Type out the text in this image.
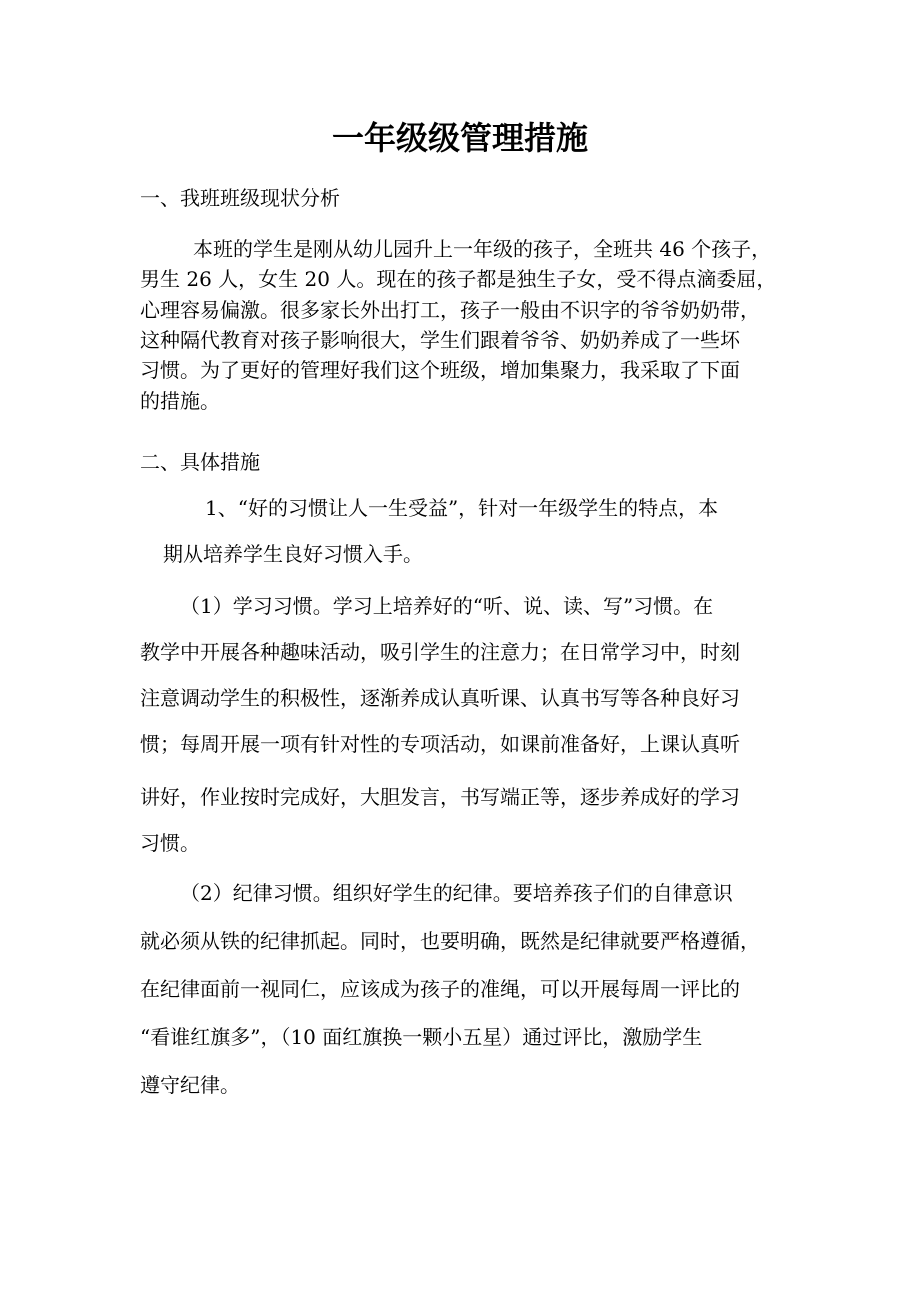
一年级级管理措施

一、我班班级现状分析

本班的学生是刚从幼儿园升上一年级的孩子，全班共 46 个孩子，

男生 26 人，女生 20 人。现在的孩子都是独生子女，受不得点滴委屈，

心理容易偏激。很多家长外出打工，孩子一般由不识字的爷爷奶奶带，

这种隔代教育对孩子影响很大，学生们跟着爷爷、奶奶养成了一些坏

习惯。为了更好的管理好我们这个班级，增加集聚力，我采取了下面

的措施。

二、具体措施

1、“好的习惯让人一生受益”，针对一年级学生的特点，本

期从培养学生良好习惯入手。

（1）学习习惯。学习上培养好的“听、说、读、写”习惯。在

教学中开展各种趣味活动，吸引学生的注意力；在日常学习中，时刻

注意调动学生的积极性，逐渐养成认真听课、认真书写等各种良好习

惯；每周开展一项有针对性的专项活动，如课前准备好，上课认真听

讲好，作业按时完成好，大胆发言，书写端正等，逐步养成好的学习

习惯。

（2）纪律习惯。组织好学生的纪律。要培养孩子们的自律意识

就必须从铁的纪律抓起。同时，也要明确，既然是纪律就要严格遵循，

在纪律面前一视同仁，应该成为孩子的准绳，可以开展每周一评比的

“看谁红旗多”，（10 面红旗换一颗小五星）通过评比，激励学生

遵守纪律。
